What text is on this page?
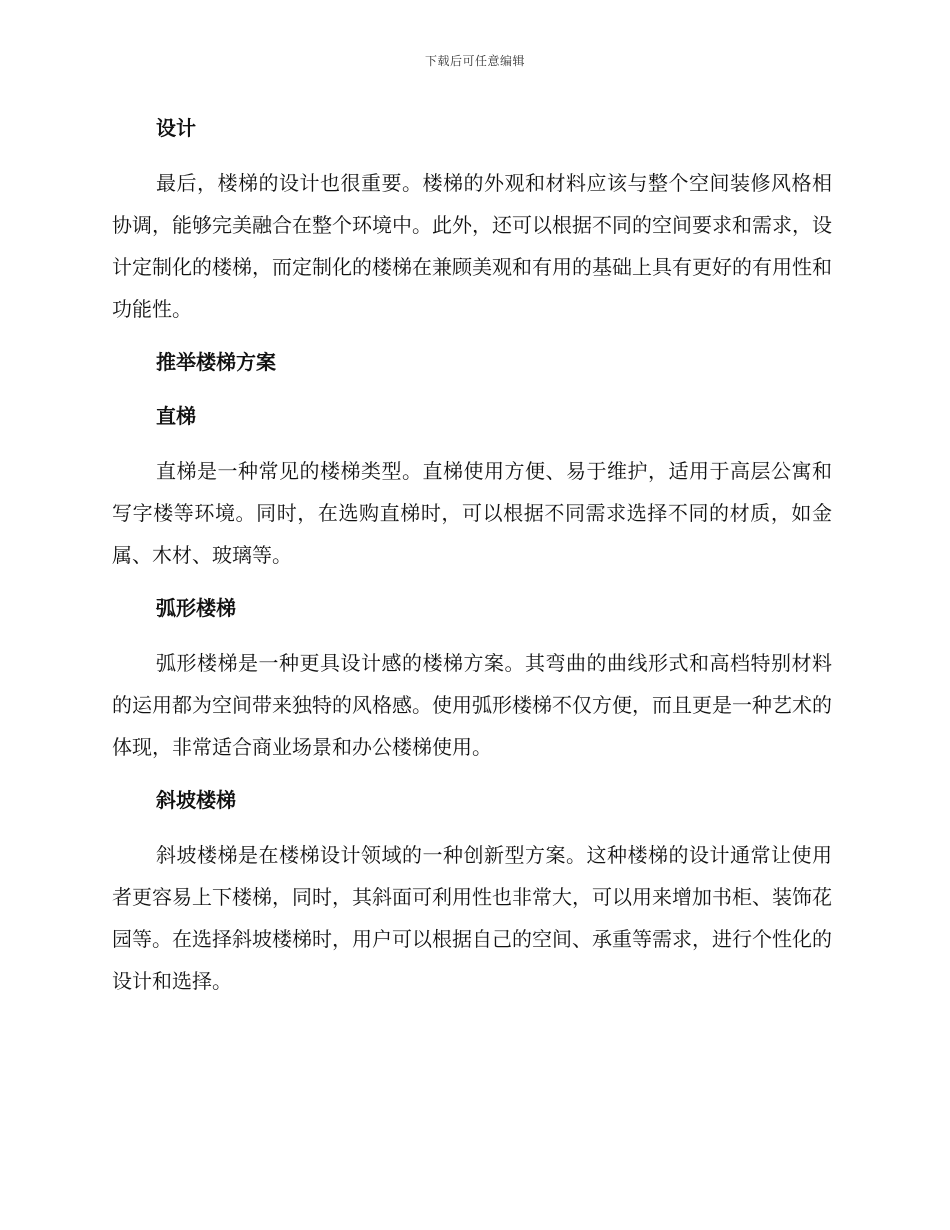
下载后可任意编辑
设计

最后，楼梯的设计也很重要。楼梯的外观和材料应该与整个空间装修风格相协调，能够完美融合在整个环境中。此外，还可以根据不同的空间要求和需求，设计定制化的楼梯，而定制化的楼梯在兼顾美观和有用的基础上具有更好的有用性和功能性。

推举楼梯方案
直梯

直梯是一种常见的楼梯类型。直梯使用方便、易于维护，适用于高层公寓和写字楼等环境。同时，在选购直梯时，可以根据不同需求选择不同的材质，如金属、木材、玻璃等。

弧形楼梯

弧形楼梯是一种更具设计感的楼梯方案。其弯曲的曲线形式和高档特别材料的运用都为空间带来独特的风格感。使用弧形楼梯不仅方便，而且更是一种艺术的体现，非常适合商业场景和办公楼梯使用。

斜坡楼梯

斜坡楼梯是在楼梯设计领域的一种创新型方案。这种楼梯的设计通常让使用者更容易上下楼梯，同时，其斜面可利用性也非常大，可以用来增加书柜、装饰花园等。在选择斜坡楼梯时，用户可以根据自己的空间、承重等需求，进行个性化的设计和选择。
